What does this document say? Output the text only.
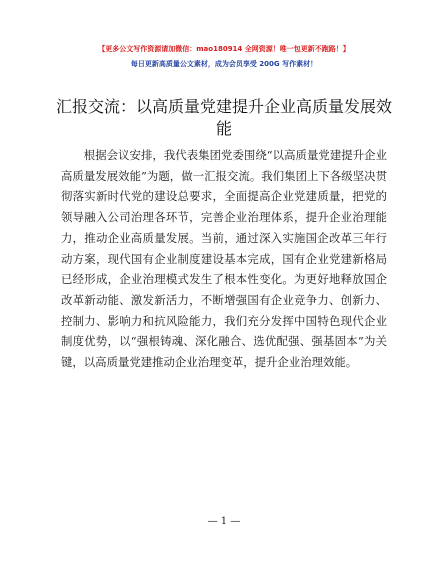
【更多公文写作资源请加微信：mao180914 全网资源！唯一包更新不跑路！】
每日更新高质量公文素材，成为会员享受 200G 写作素材！
汇报交流：以高质量党建提升企业高质量发展效能

根据会议安排，我代表集团党委围绕“以高质量党建提升企业高质量发展效能”为题，做一汇报交流。我们集团上下各级坚决贯彻落实新时代党的建设总要求，全面提高企业党建质量，把党的领导融入公司治理各环节，完善企业治理体系，提升企业治理能力，推动企业高质量发展。当前，通过深入实施国企改革三年行动方案，现代国有企业制度建设基本完成，国有企业党建新格局已经形成，企业治理模式发生了根本性变化。为更好地释放国企改革新动能、激发新活力，不断增强国有企业竞争力、创新力、控制力、影响力和抗风险能力，我们充分发挥中国特色现代企业制度优势，以“强根铸魂、深化融合、选优配强、强基固本”为关键，以高质量党建推动企业治理变革，提升企业治理效能。

— 1 —
